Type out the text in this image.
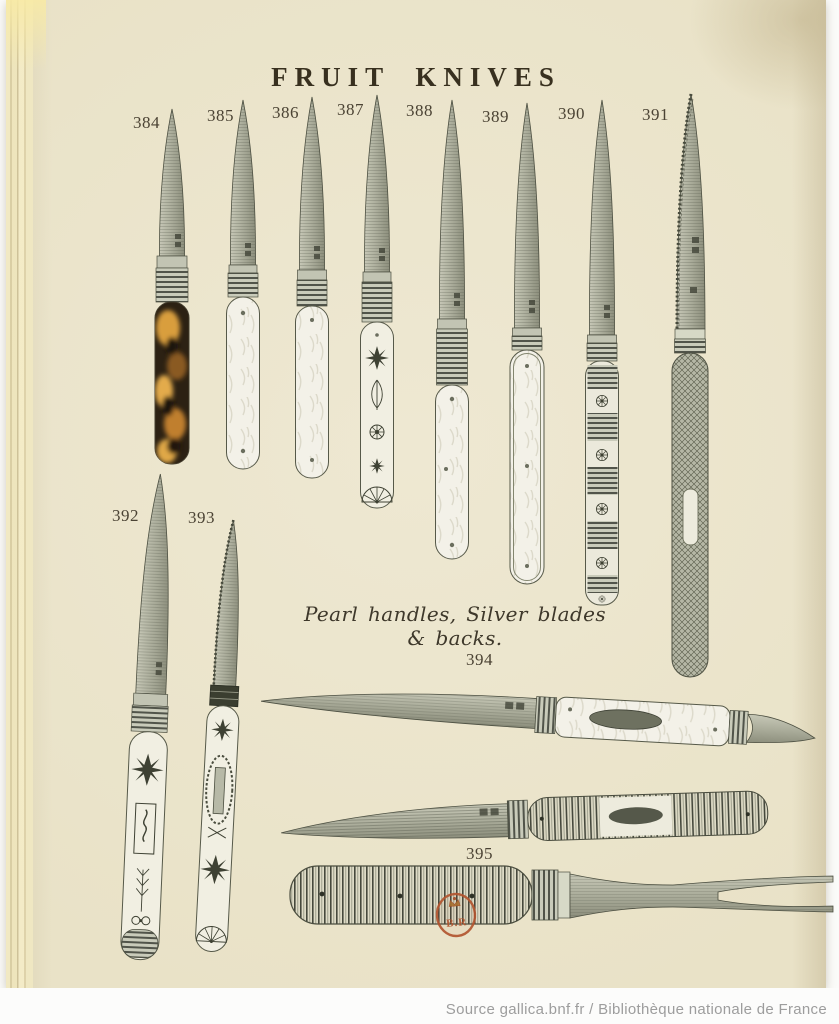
FRUIT KNIVES
384	385 386 387 388	389	390	391
392	393
394
395
Pearl handles, Silver blades & backs.
B.R
Source gallica.bnf.fr / Bibliothèque nationale de France
